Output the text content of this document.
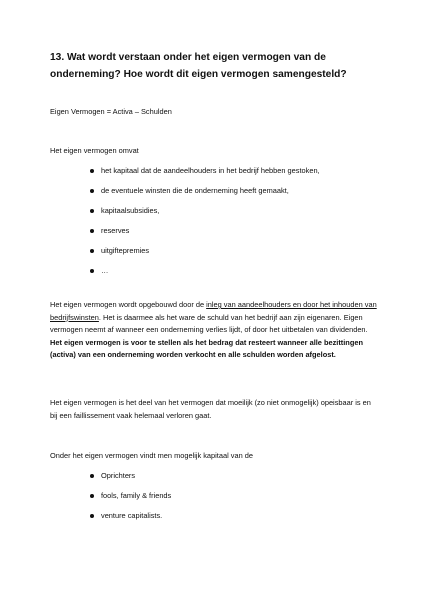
13. Wat wordt verstaan onder het eigen vermogen van de onderneming? Hoe wordt dit eigen vermogen samengesteld?

Eigen Vermogen = Activa – Schulden

Het eigen vermogen omvat

het kapitaal dat de aandeelhouders in het bedrijf hebben gestoken,
de eventuele winsten die de onderneming heeft gemaakt,
kapitaalsubsidies,
reserves
uitgiftepremies
…

Het eigen vermogen wordt opgebouwd door de inleg van aandeelhouders en door het inhouden van bedrijfswinsten. Het is daarmee als het ware de schuld van het bedrijf aan zijn eigenaren. Eigen vermogen neemt af wanneer een onderneming verlies lijdt, of door het uitbetalen van dividenden. Het eigen vermogen is voor te stellen als het bedrag dat resteert wanneer alle bezittingen (activa) van een onderneming worden verkocht en alle schulden worden afgelost.

Het eigen vermogen is het deel van het vermogen dat moeilijk (zo niet onmogelijk) opeisbaar is en bij een faillissement vaak helemaal verloren gaat.

Onder het eigen vermogen vindt men mogelijk kapitaal van de

Oprichters
fools, family & friends
venture capitalists.
